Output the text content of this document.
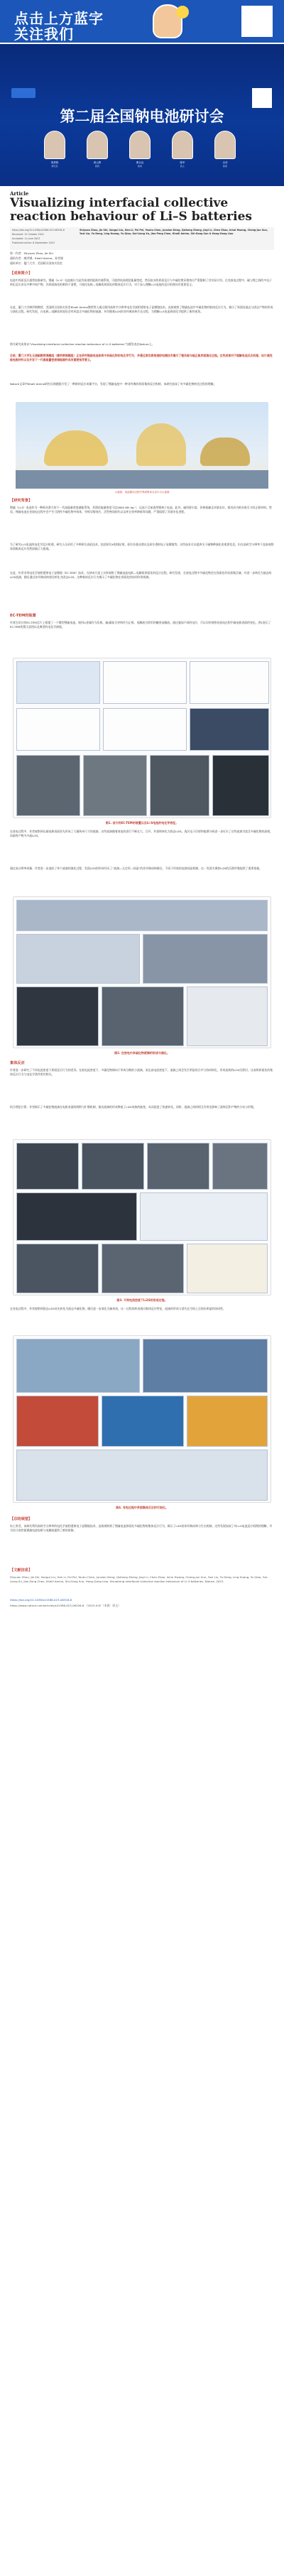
点击上方蓝字
关注我们
第二届全国钠电池研讨会
胡勇胜	黄云辉	曹余良	陈军	余彦
研究员	教授	教授	院士	教授
Article
Visualizing interfacial collective reaction behaviour of Li–S batteries
https://doi.org/10.1038/s41586-023-06326-8
Received: 15 October 2022
Accepted: 14 June 2023
Published online: 6 September 2023
Shiyuan Zhou, Jie Shi, Sangui Liu, Gen Li, Fei Pei, Youhu Chen, Junxian Deng, Qizheng Zheng, Jiayi Li, Chen Zhao, Inhui Hwang, Cheng-Jun Sun, Yuzi Liu, Yu Deng, Ling Huang, Yu Qiao, Gui-Liang Xu, Jian-Feng Chen, Khalil Amine, Shi-Gang Sun & Hong-Gang Liao
第一作者：Shiyuan Zhou, Jie Shi
通讯作者：廖洪钢、Khalil Amine、孙世刚
通讯单位：厦门大学、美国阿贡国家实验室
【成果简介】
电池中界面反应通常较难研究。锂硫（Li-S）电池被认为是有前途的能源存储系统，可提供较高理论能量密度，然而复杂的界面反应与多硫化物穿梭效应严重限制了其实际应用。在充放电过程中，硫与锂之间的多电子转化反应涉及多种中间产物，其界面演化机制尚不清楚。可视化电极—电解质界面处的集体反应行为，对于深入理解Li-S电池的反应机理具有重要意义。
在此，厦门大学廖洪钢教授、美国阿贡国家实验室Khalil Amine教授等人通过使用高时空分辨率电化学液相透射电子显微镜技术，直接观察了锂硫电池中多硫化物的集体反应行为，揭示了界面处液态与固态产物的形成与演化过程。研究发现，在电极—电解质界面处会形成富含多硫化物的液滴，并伴随着Li2S的非经典成核生长过程，为理解Li-S电池界面化学提供了新的视角。
相关研究成果以“Visualizing interfacial collective reaction behaviour of Li–S batteries”为题发表在Nature上。
目前，厦门大学孔元浦副教授课题组（廖洪钢课题组）正在研究锂硫电池体系中多硫化物的电化学行为，并通过原位液相透射电镜技术揭示了锂负极与硫正极界面演化过程。这些成果对于理解电池反应机理、设计高性能电极材料以及开发下一代高能量密度储能器件具有重要指导意义。
Nature文章中Khalil Amine研究员课题组开发了一种新的反应成像平台，发现了锂硫电池中一种非经典的界面集体反应机制，该研究加深了对多硫化物转化过程的理解。
示意图：电池循环过程中界面集体反应行为示意图
【研究背景】
锂硫（Li-S）电池作为一种极具潜力的下一代高能量密度储能系统，其理论能量密度可达2600 Wh kg⁻¹，远高于目前商用锂离子电池。此外，硫资源丰富、价格低廉且环境友好，使其成为极具吸引力的正极材料。然而，锂硫电池在充放电过程中会产生可溶性多硫化物中间体，导致穿梭效应、活性物质损失以及库仑效率降低等问题，严重阻碍了其商业化进程。
为了研究Li-S电池的电化学反应机理，研究人员采用了多种原位表征技术，包括原位X射线衍射、原位拉曼光谱以及原位透射电子显微镜等。这些技术可以提供关于硫物种演化的重要信息，但在高时空分辨率下直接观察界面集体反应仍然面临巨大挑战。
在此，作者采用电化学液相透射电子显微镜（EC-TEM）技术，在纳米尺度上实时观察了锂硫电池电极—电解质界面处的反应过程。研究发现，在放电过程中多硫化物会在界面处形成富集区域，并进一步转化为液态的Li2S液滴，随后通过非经典成核途径转化为固态Li2S。这种集体反应行为揭示了多硫化物在界面处的协同作用机制。
EC-TEM的装置
作者在设计的EC-TEM芯片上搭建了一个微型锂硫电池，使用Li金属作为负极、硫/碳复合材料作为正极，电解液为常用的醚类电解液。通过施加不同的电位，可以实时观察充放电过程中硫电极表面的变化。图1展示了EC-TEM装置示意图以及典型的电化学曲线。
图1. 设计的EC-TEM的装置以及Li-S电池的电化学表征。
在放电过程中，作者观察到在碳电极表面首先形成了大量纳米尺寸的液滴，这些液滴随着放电的进行不断长大、合并，并最终转化为固态Li2S。选区电子衍射和能谱分析进一步证实了这些液滴为富含多硫化物的液相，而最终产物为多晶Li2S。
通过高分辨率成像，作者进一步追踪了单个液滴的演化过程，发现Li2S的形成经历了“液滴—无定形—结晶”的非经典成核路径，不同于传统的直接结晶机制。这一发现为调控Li2S的沉积形貌提供了重要依据。
图2. 在放电中多硫化物液滴的形成与演化。
集体反应
作者进一步研究了不同电流密度下界面反应行为的差异。在低电流密度下，多硫化物倾向于形成分散的小液滴，而在高电流密度下，液滴之间会发生明显的合并与协同转化，形成连续的Li2S沉积层。这表明界面处的集体反应行为与电化学条件密切相关。
结合理论计算，作者揭示了多硫化物液滴在电极表面的吸附与扩散机制，指出液滴的形成降低了Li2S成核的能垒，从而促进了快速转化。同时，液滴之间的相互作用也影响了最终沉积产物的分布与形貌。
图3. 不同电流密度下Li2S的形成过程。
在充电过程中，作者观察到固态Li2S首先转化为液态多硫化物，随后进一步氧化为硫单质。这一过程同样表现出集体反应特征，液滴的形成与消失在空间上呈现出明显的协同性。
图4. 充电过程中界面集体反应的可视化。
【总结展望】
综上所述，该研究利用高时空分辨率的电化学液相透射电子显微镜技术，直接观察到了锂硫电池界面处多硫化物的集体反应行为，揭示了Li2S的非经典成核与生长机制。这些发现加深了对Li-S电池反应机理的理解，并为设计高性能锂硫电池电极与电解液提供了新的思路。
【文献信息】
Shiyuan Zhou, Jie Shi, Sangui Liu, Gen Li, Fei Pei, Youhu Chen, Junxian Deng, Qizheng Zheng, Jiayi Li, Chen Zhao, Inhui Hwang, Cheng-Jun Sun, Yuzi Liu, Yu Deng, Ling Huang, Yu Qiao, Gui-Liang Xu, Jian-Feng Chen, Khalil Amine, Shi-Gang Sun, Hong-Gang Liao. Visualizing interfacial collective reaction behaviour of Li–S batteries. Nature, 2023.
https://doi.org/10.1038/s41586-023-06326-8
https://www.nature.com/articles/s41586-023-06326-8 （2023.9.6）（来源：原文）
